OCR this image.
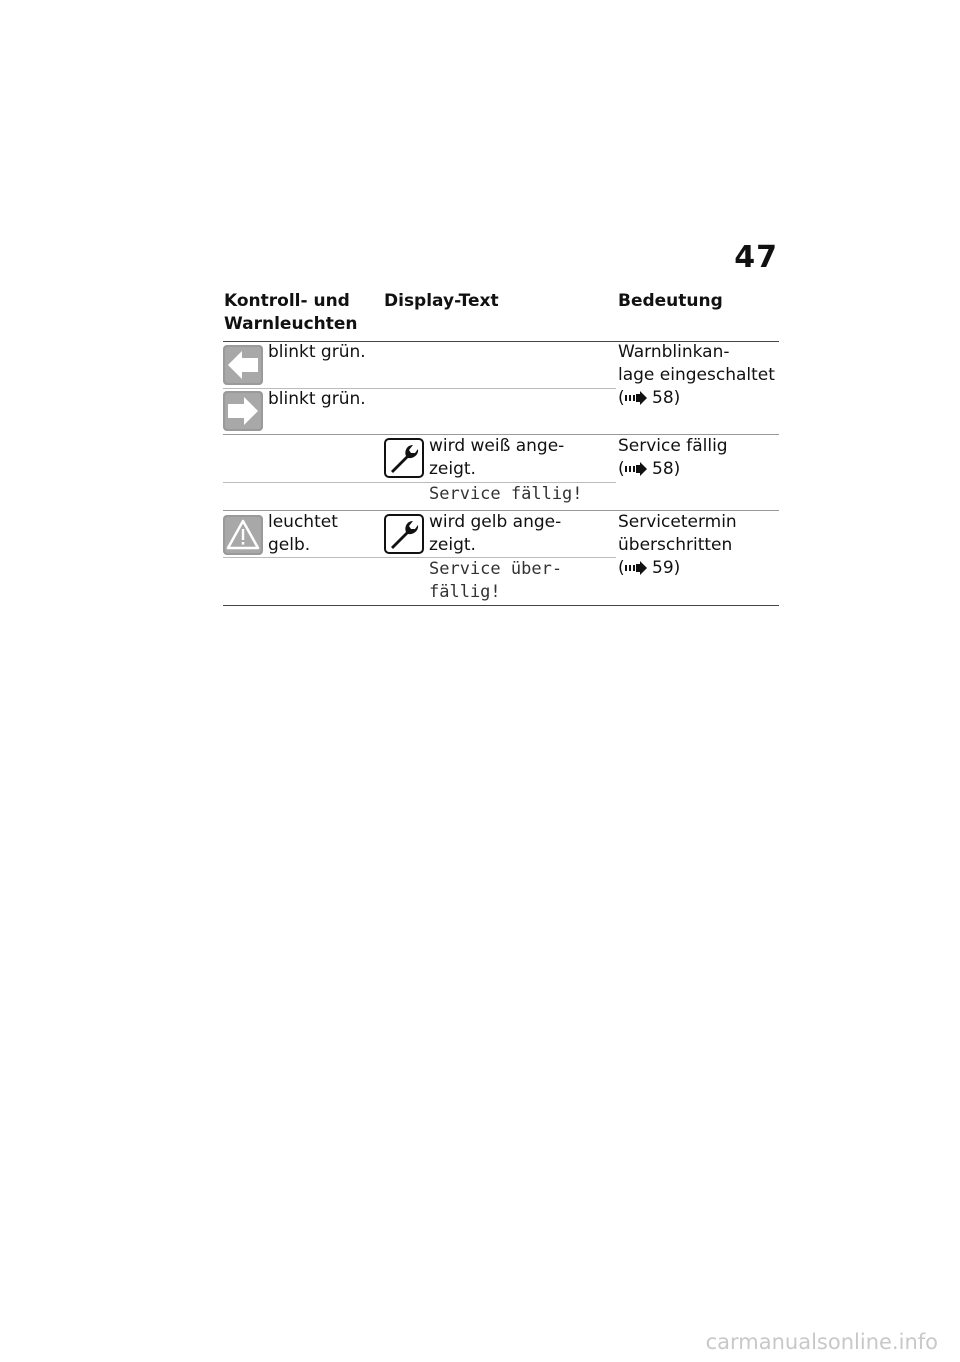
47
Kontroll- und
Warnleuchten
Display-Text	Bedeutung
blinkt grün.
blinkt grün.
Warnblinkan-
lage eingeschaltet
( 58)
wird weiß ange-
zeigt.
Service fällig!
Service fällig
( 58)
leuchtet
gelb.
wird gelb ange-
zeigt.
Service über-
fällig!
Servicetermin
überschritten
( 59)
carmanualsonline.info
